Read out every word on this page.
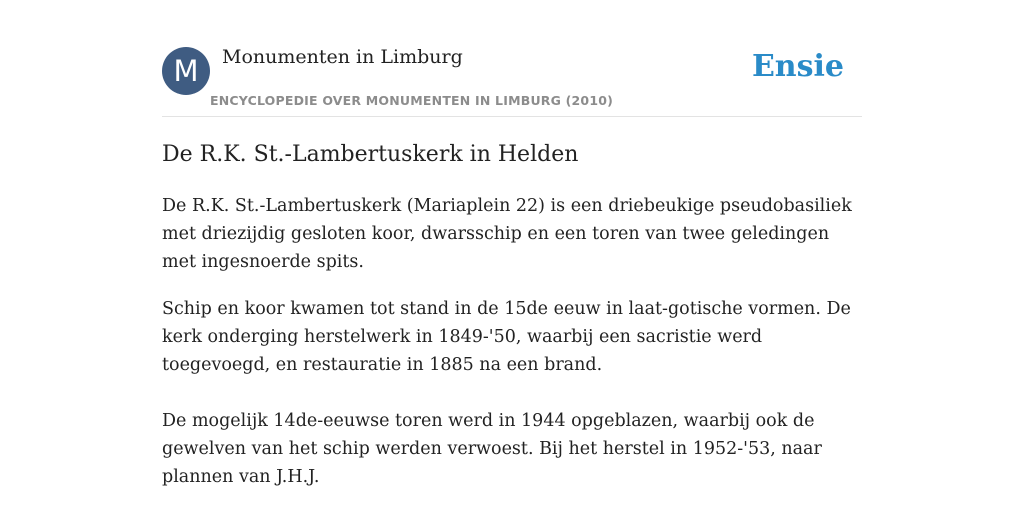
M	Monumenten in Limburg
ENCYCLOPEDIE OVER MONUMENTEN IN LIMBURG (2010)
Ensie
De R.K. St.-Lambertuskerk in Helden

De R.K. St.-Lambertuskerk (Mariaplein 22) is een driebeukige pseudobasiliek met driezijdig gesloten koor, dwarsschip en een toren van twee geledingen met ingesnoerde spits.

Schip en koor kwamen tot stand in de 15de eeuw in laat-gotische vormen. De kerk onderging herstelwerk in 1849-'50, waarbij een sacristie werd toegevoegd, en restauratie in 1885 na een brand.

De mogelijk 14de-eeuwse toren werd in 1944 opgeblazen, waarbij ook de gewelven van het schip werden verwoest. Bij het herstel in 1952-'53, naar plannen van J.H.J.
